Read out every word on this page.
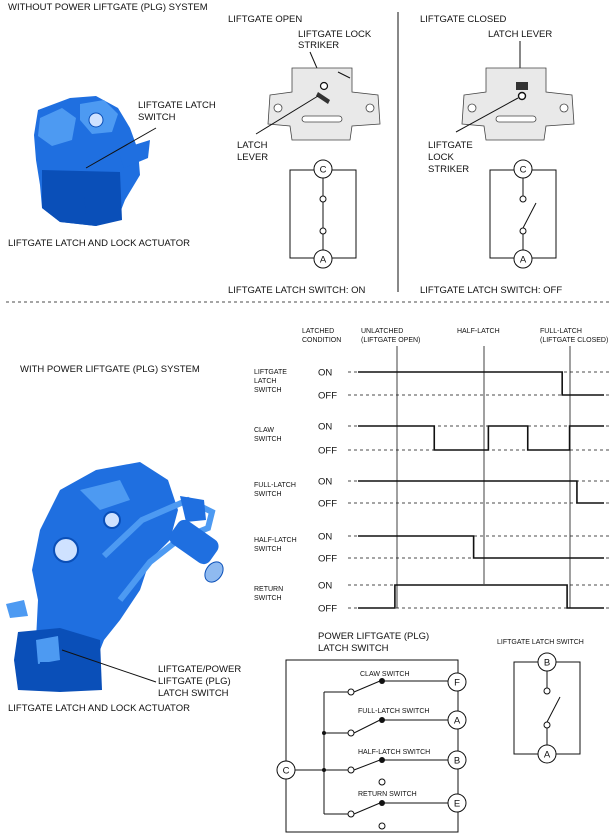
WITHOUT POWER LIFTGATE (PLG) SYSTEM
LIFTGATE LATCH
SWITCH
LIFTGATE LATCH AND LOCK ACTUATOR
LIFTGATE OPEN
LIFTGATE LOCK
STRIKER
LATCH
LEVER
C
A
LIFTGATE LATCH SWITCH: ON
LIFTGATE CLOSED
LATCH LEVER
LIFTGATE
LOCK
STRIKER	C
A
LIFTGATE LATCH SWITCH: OFF
WITH POWER LIFTGATE (PLG) SYSTEM
LIFTGATE/POWER
LIFTGATE (PLG)
LATCH SWITCH
LIFTGATE LATCH AND LOCK ACTUATOR
LATCHED
CONDITION
UNLATCHED
(LIFTGATE OPEN)
HALF-LATCH	FULL-LATCH
(LIFTGATE CLOSED)
LIFTGATE
LATCH
SWITCH
CLAW
SWITCH
FULL-LATCH
SWITCH
HALF-LATCH
SWITCH
RETURN
SWITCH
ON
OFF
ON
OFF
ON
OFF
ON
OFF
ON
OFF
POWER LIFTGATE (PLG)
LATCH SWITCH
C
CLAW SWITCH
F
FULL-LATCH SWITCH
A
HALF-LATCH SWITCH
B
RETURN SWITCH
E
LIFTGATE LATCH SWITCH
B
A
